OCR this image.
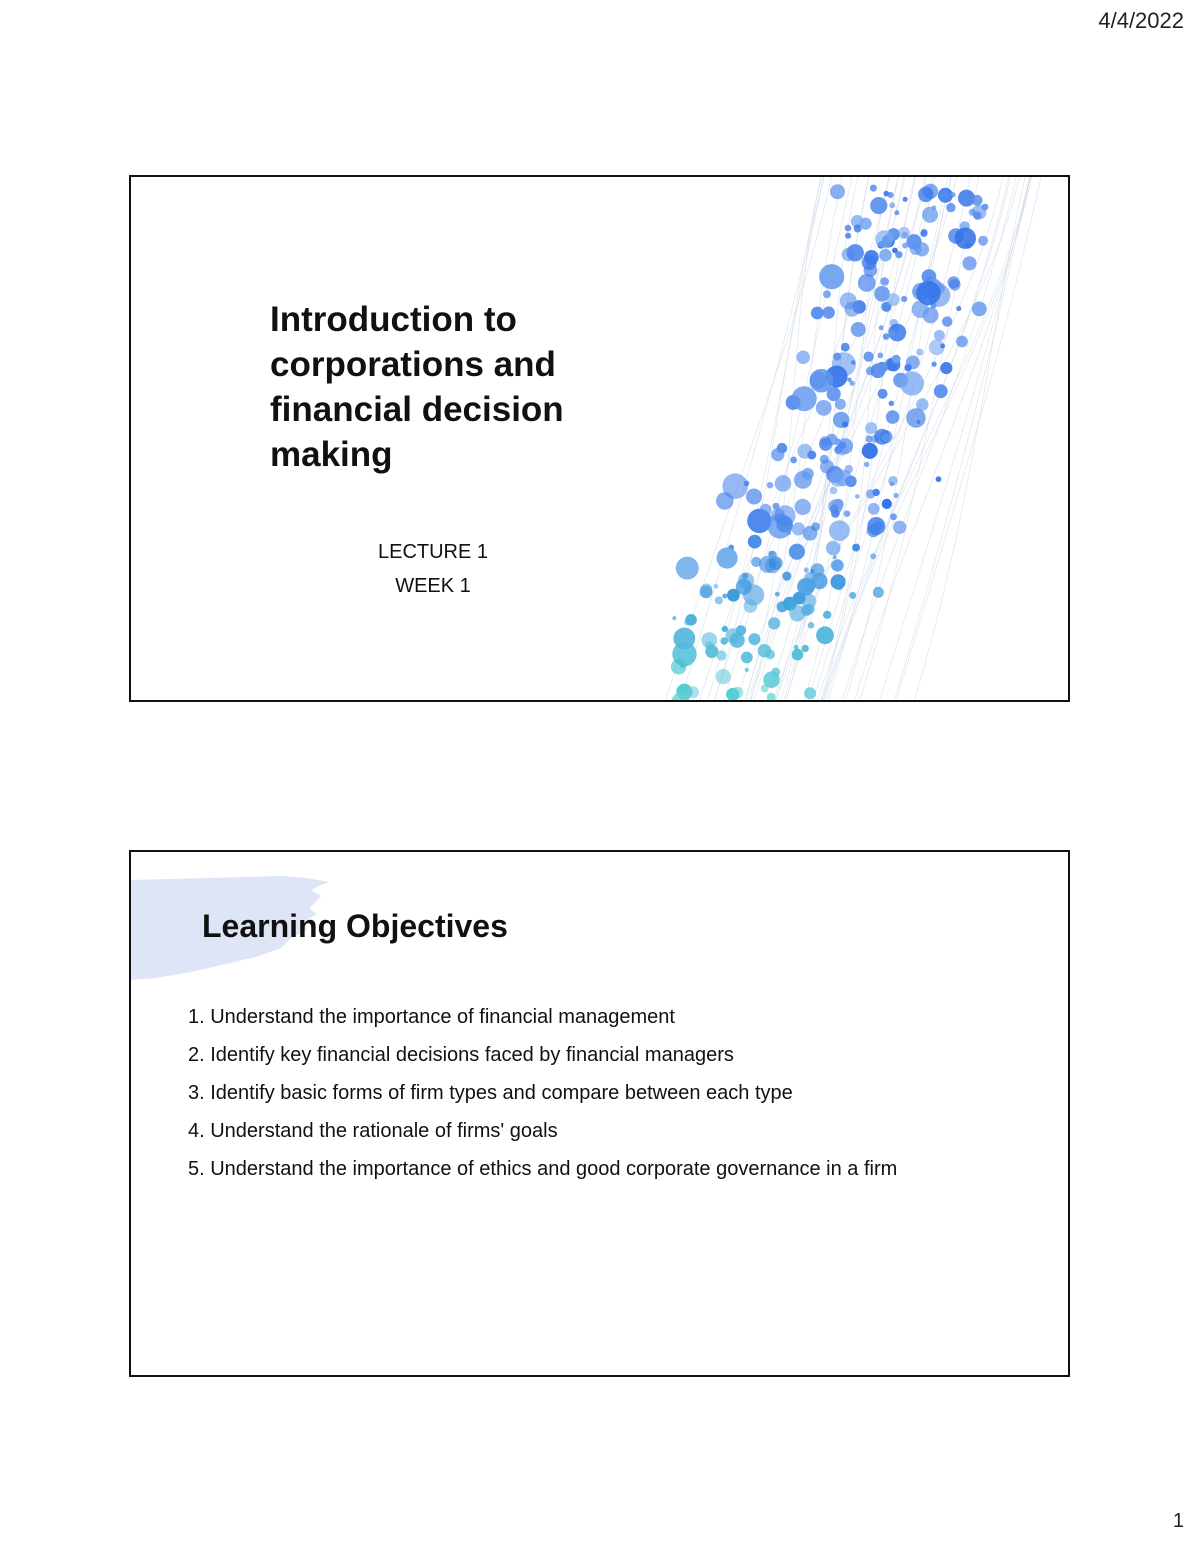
4/4/2022
Introduction to
corporations and
financial decision
making
LECTURE 1
WEEK 1
Learning Objectives
1. Understand the importance of financial management
2. Identify key financial decisions faced by financial managers
3. Identify basic forms of firm types and compare between each type
4. Understand the rationale of firms' goals
5. Understand the importance of ethics and good corporate governance in a firm
1
